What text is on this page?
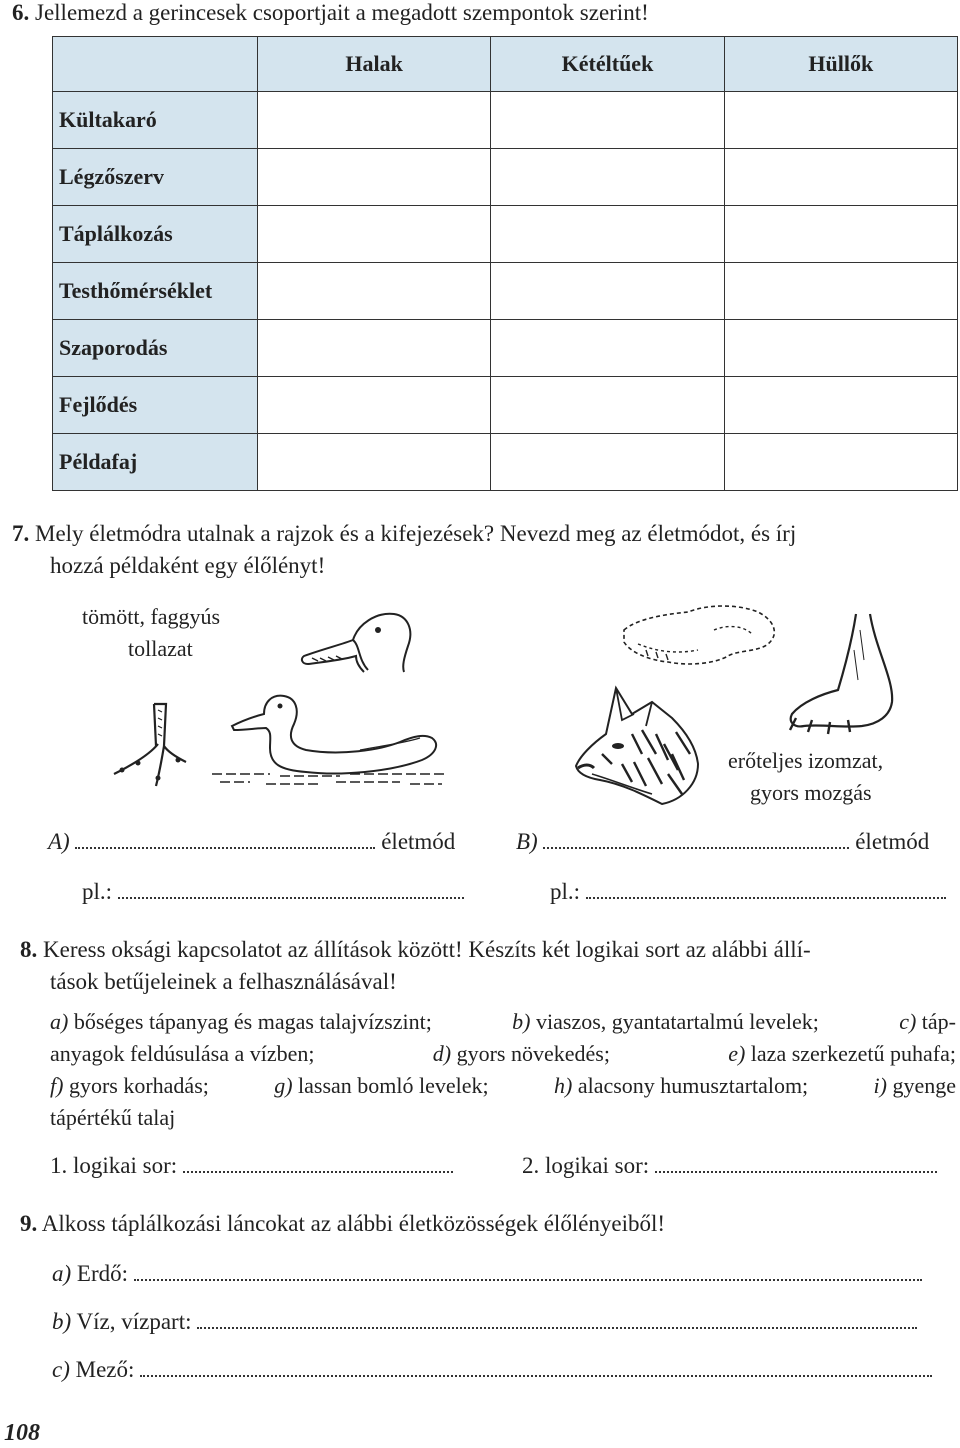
6. Jellemezd a gerincesek csoportjait a megadott szempontok szerint!
	Halak	Kétéltűek	Hüllők
Kültakaró			
Légzőszerv			
Táplálkozás			
Testhőmérséklet			
Szaporodás			
Fejlődés			
Példafaj			
7. Mely életmódra utalnak a rajzok és a kifejezések? Nevezd meg az életmódot, és írj
hozzá példaként egy élőlényt!
tömött, faggyús
tollazat
erőteljes izomzat,
gyors mozgás
A)	életmód	B)	életmód
pl.:	pl.:
8. Keress oksági kapcsolatot az állítások között! Készíts két logikai sort az alábbi állí-
tások betűjeleinek a felhasználásával!
a) bőséges tápanyag és magas talajvízszint;	b) viaszos, gyantatartalmú levelek;	c) táp-
anyagok feldúsulása a vízben;	d) gyors növekedés;	e) laza szerkezetű puhafa;
f) gyors korhadás;	g) lassan bomló levelek;	h) alacsony humusztartalom;	i) gyenge
tápértékű talaj
1. logikai sor:	2. logikai sor:
9. Alkoss táplálkozási láncokat az alábbi életközösségek élőlényeiből!
a) Erdő:
b) Víz, vízpart:
c) Mező:
108
